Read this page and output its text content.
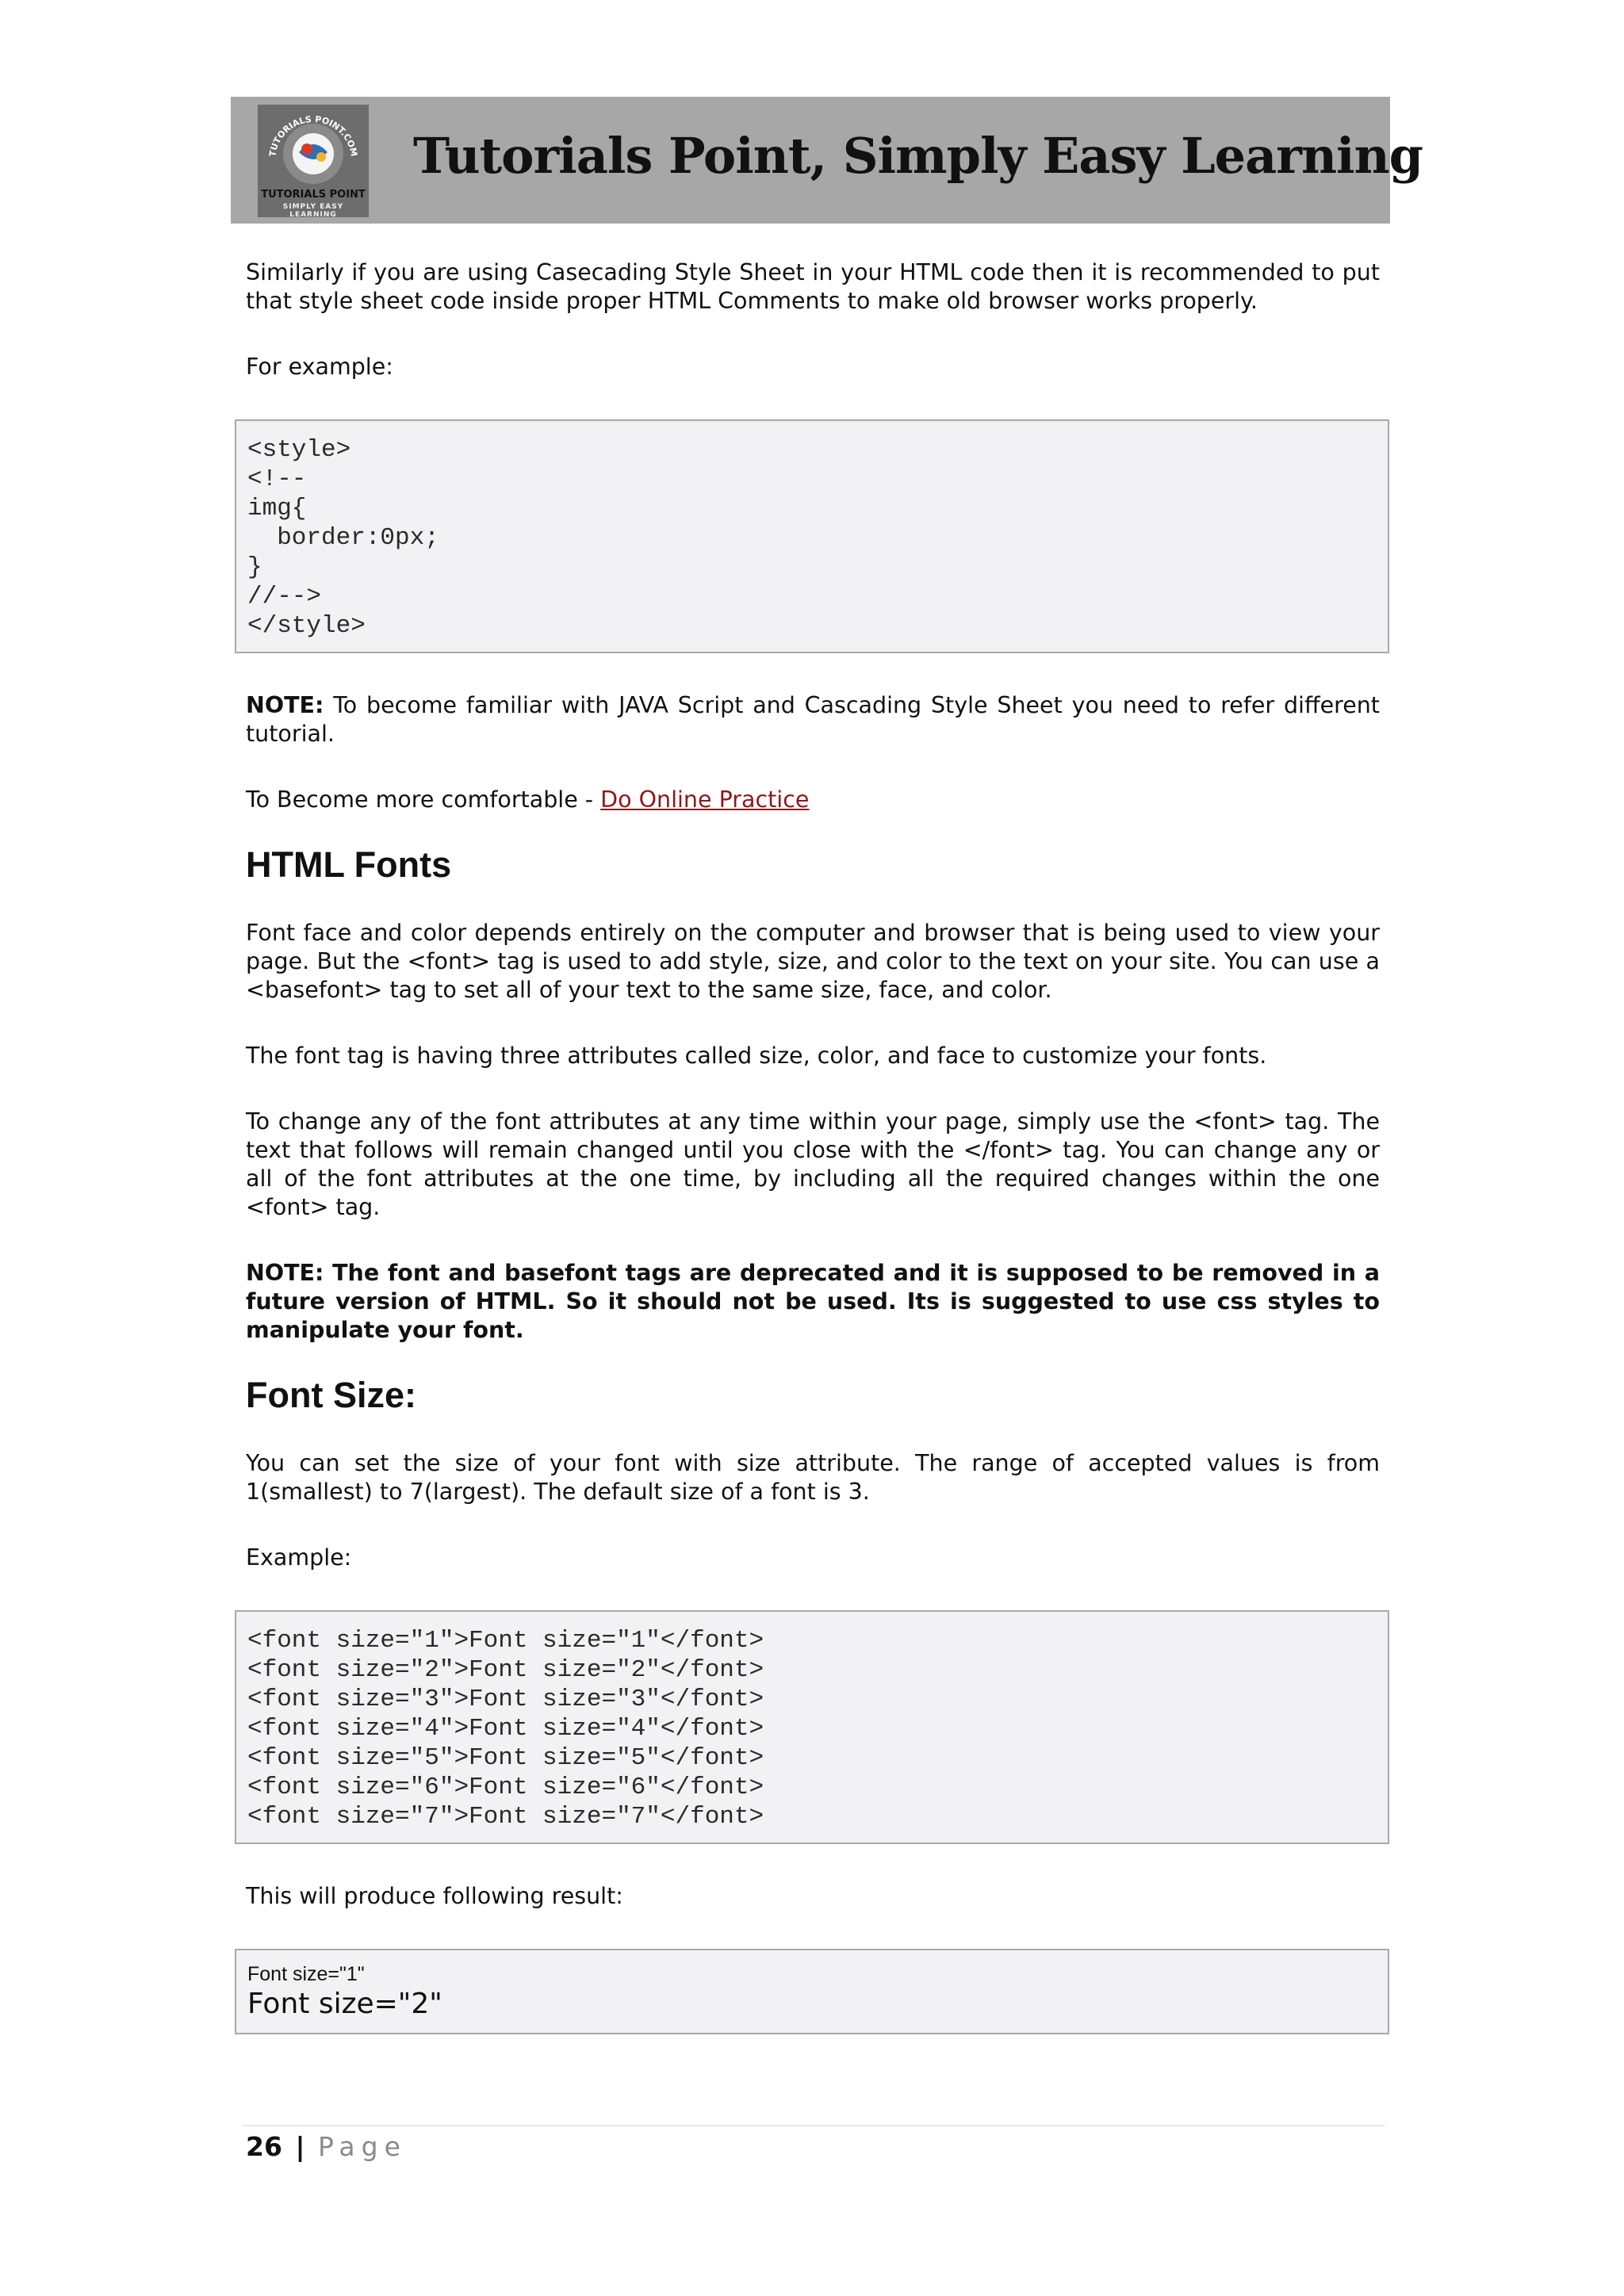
TUTORIALS POINT.COM
TUTORIALS POINT
SIMPLY EASY LEARNING
Tutorials Point, Simply Easy Learning

Similarly if you are using Casecading Style Sheet in your HTML code then it is recommended to put that style sheet code inside proper HTML Comments to make old browser works properly.

For example:

<style>
<!--
img{
border:0px;
}
//-->
</style>

NOTE: To become familiar with JAVA Script and Cascading Style Sheet you need to refer different tutorial.

To Become more comfortable - Do Online Practice

HTML Fonts

Font face and color depends entirely on the computer and browser that is being used to view your page. But the <font> tag is used to add style, size, and color to the text on your site. You can use a <basefont> tag to set all of your text to the same size, face, and color.

The font tag is having three attributes called size, color, and face to customize your fonts.

To change any of the font attributes at any time within your page, simply use the <font> tag. The text that follows will remain changed until you close with the </font> tag. You can change any or all of the font attributes at the one time, by including all the required changes within the one <font> tag.

NOTE: The font and basefont tags are deprecated and it is supposed to be removed in a future version of HTML. So it should not be used. Its is suggested to use css styles to manipulate your font.

Font Size:

You can set the size of your font with size attribute. The range of accepted values is from 1(smallest) to 7(largest). The default size of a font is 3.

Example:

<font size="1">Font size="1"</font>
<font size="2">Font size="2"</font>
<font size="3">Font size="3"</font>
<font size="4">Font size="4"</font>
<font size="5">Font size="5"</font>
<font size="6">Font size="6"</font>
<font size="7">Font size="7"</font>

This will produce following result:

Font size="1"
Font size="2"
26 | Page
